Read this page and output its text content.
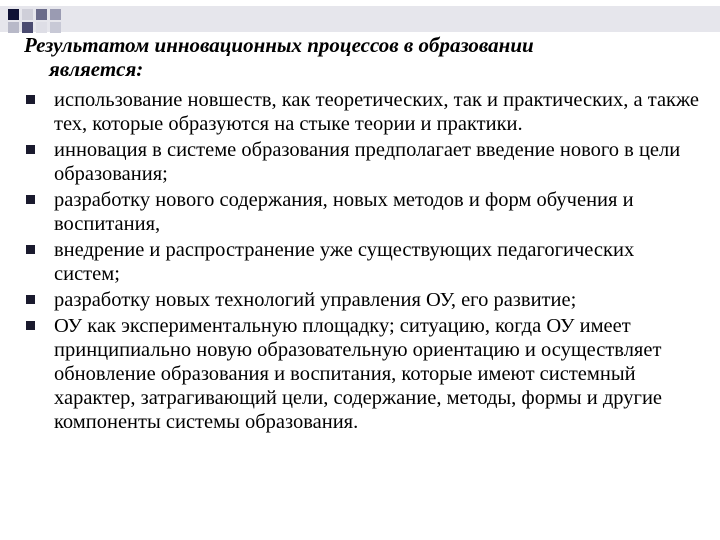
Результатом инновационных процессов в образовании
является:
использование новшеств, как теоретических, так и практических, а также тех, которые образуются на стыке теории и практики.
инновация в системе образования предполагает введение нового в цели образования;
разработку нового содержания, новых методов и форм обучения и воспитания,
внедрение и распространение уже существующих педагогических систем;
разработку новых технологий управления ОУ, его развитие;
ОУ как экспериментальную площадку; ситуацию, когда ОУ имеет принципиально новую образовательную ориентацию и осуществляет обновление образования и воспитания, которые имеют системный характер, затрагивающий цели, содержание, методы, формы и другие компоненты системы образования.
